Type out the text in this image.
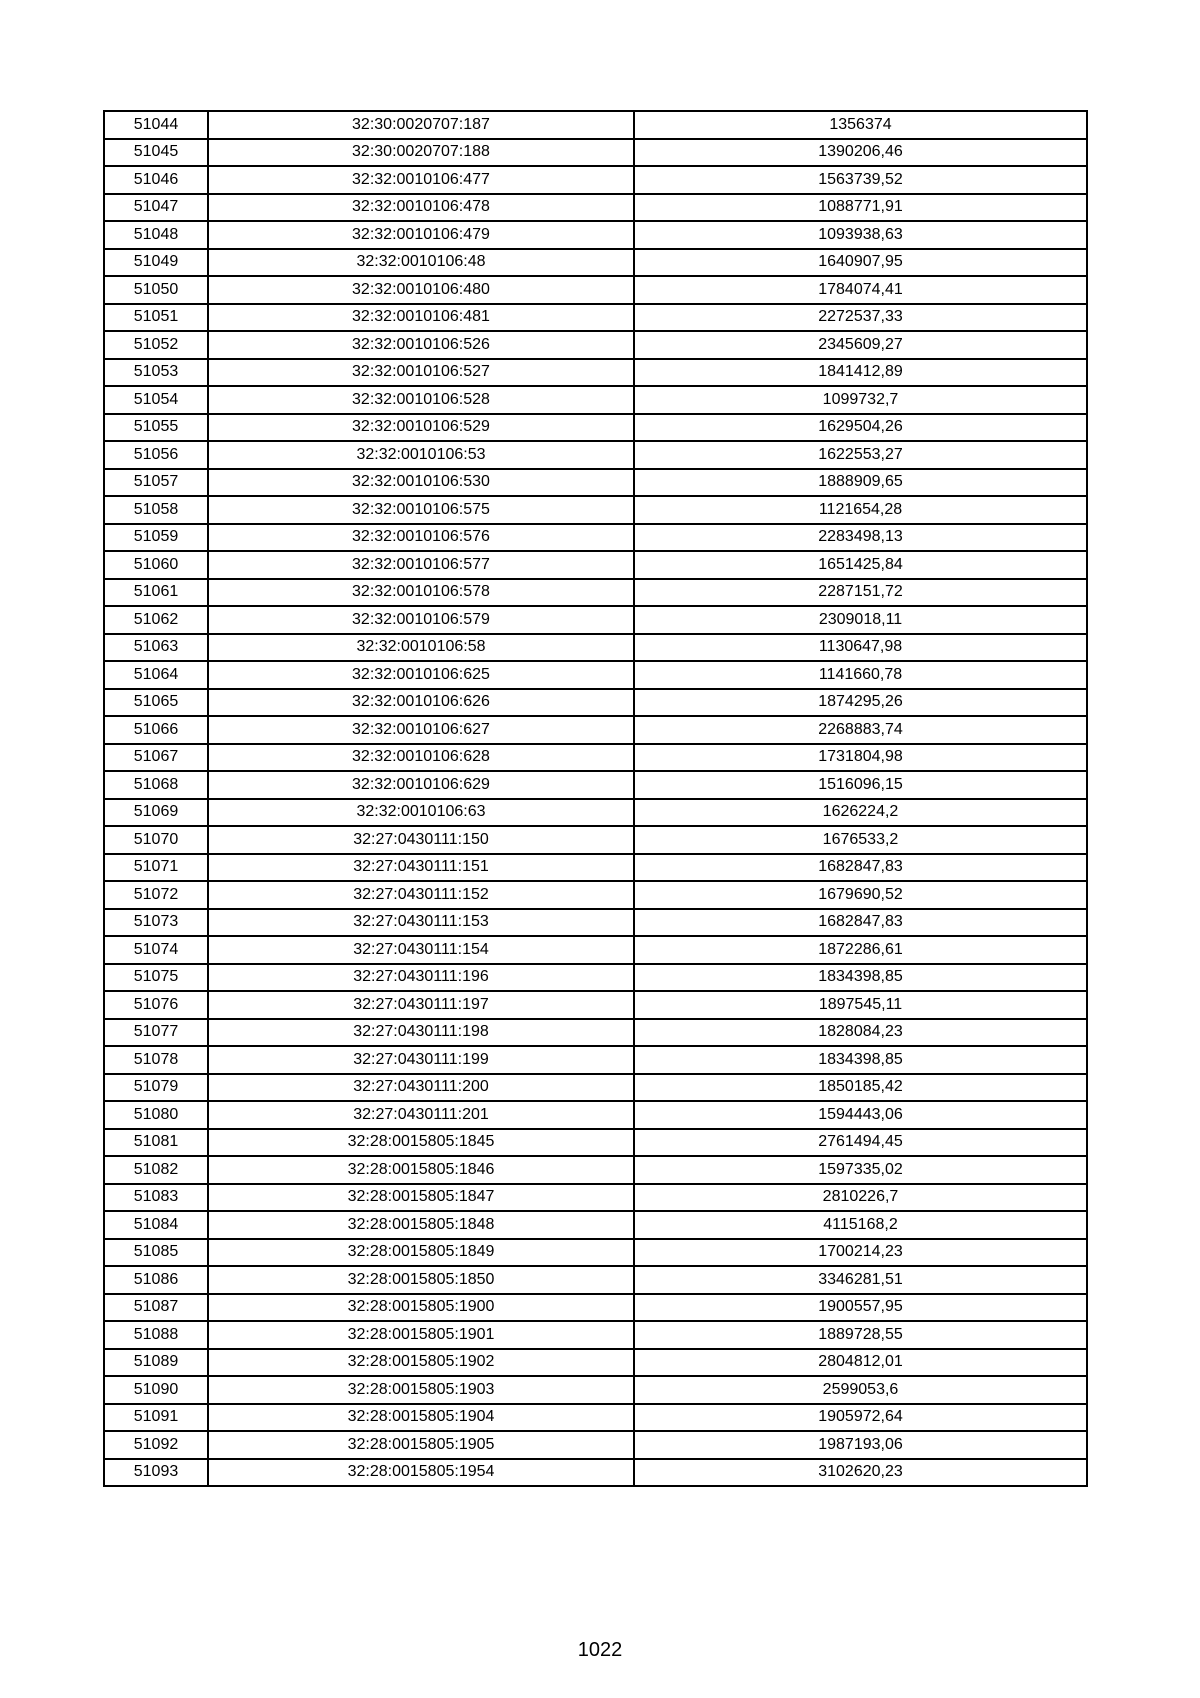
51044	32:30:0020707:187	1356374
51045	32:30:0020707:188	1390206,46
51046	32:32:0010106:477	1563739,52
51047	32:32:0010106:478	1088771,91
51048	32:32:0010106:479	1093938,63
51049	32:32:0010106:48	1640907,95
51050	32:32:0010106:480	1784074,41
51051	32:32:0010106:481	2272537,33
51052	32:32:0010106:526	2345609,27
51053	32:32:0010106:527	1841412,89
51054	32:32:0010106:528	1099732,7
51055	32:32:0010106:529	1629504,26
51056	32:32:0010106:53	1622553,27
51057	32:32:0010106:530	1888909,65
51058	32:32:0010106:575	1121654,28
51059	32:32:0010106:576	2283498,13
51060	32:32:0010106:577	1651425,84
51061	32:32:0010106:578	2287151,72
51062	32:32:0010106:579	2309018,11
51063	32:32:0010106:58	1130647,98
51064	32:32:0010106:625	1141660,78
51065	32:32:0010106:626	1874295,26
51066	32:32:0010106:627	2268883,74
51067	32:32:0010106:628	1731804,98
51068	32:32:0010106:629	1516096,15
51069	32:32:0010106:63	1626224,2
51070	32:27:0430111:150	1676533,2
51071	32:27:0430111:151	1682847,83
51072	32:27:0430111:152	1679690,52
51073	32:27:0430111:153	1682847,83
51074	32:27:0430111:154	1872286,61
51075	32:27:0430111:196	1834398,85
51076	32:27:0430111:197	1897545,11
51077	32:27:0430111:198	1828084,23
51078	32:27:0430111:199	1834398,85
51079	32:27:0430111:200	1850185,42
51080	32:27:0430111:201	1594443,06
51081	32:28:0015805:1845	2761494,45
51082	32:28:0015805:1846	1597335,02
51083	32:28:0015805:1847	2810226,7
51084	32:28:0015805:1848	4115168,2
51085	32:28:0015805:1849	1700214,23
51086	32:28:0015805:1850	3346281,51
51087	32:28:0015805:1900	1900557,95
51088	32:28:0015805:1901	1889728,55
51089	32:28:0015805:1902	2804812,01
51090	32:28:0015805:1903	2599053,6
51091	32:28:0015805:1904	1905972,64
51092	32:28:0015805:1905	1987193,06
51093	32:28:0015805:1954	3102620,23
1022
